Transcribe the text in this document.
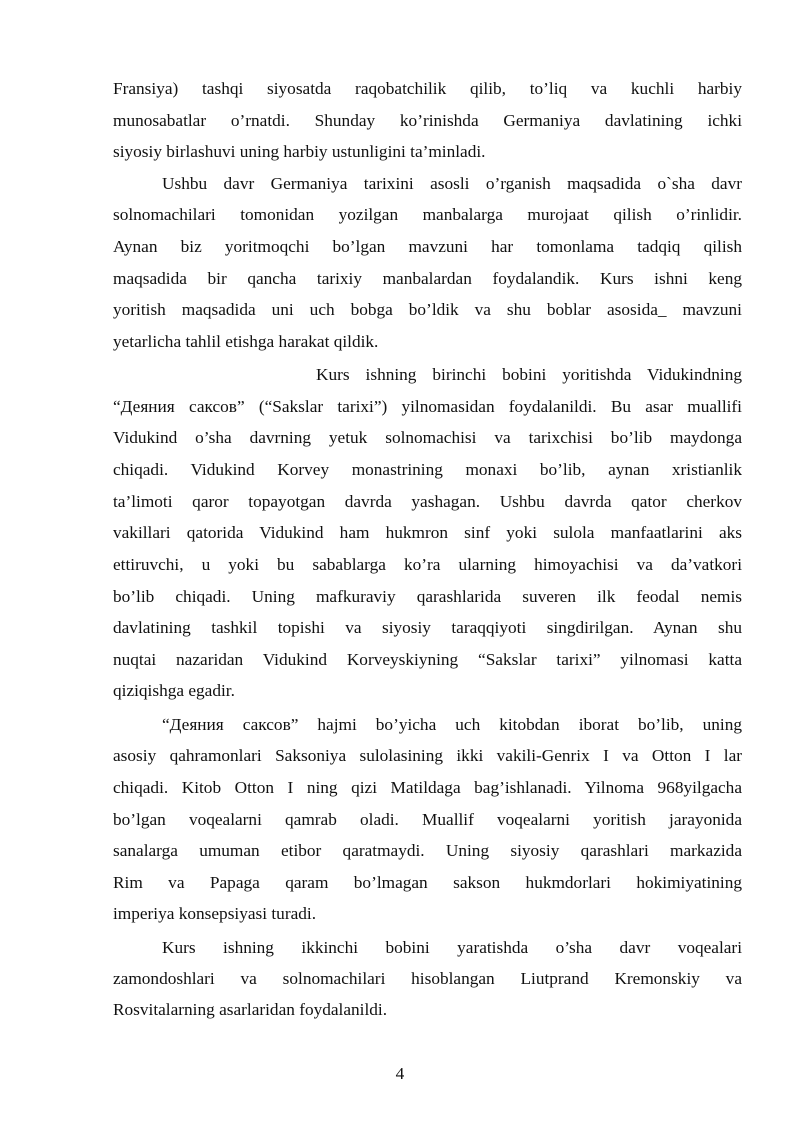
Fransiya) tashqi siyosatda raqobatchilik qilib, to’liq va kuchli harbiy
munosabatlar o’rnatdi. Shunday ko’rinishda Germaniya davlatining ichki
siyosiy birlashuvi uning harbiy ustunligini ta’minladi.
Ushbu davr Germaniya tarixini asosli o’rganish maqsadida o`sha davr
solnomachilari tomonidan yozilgan manbalarga murojaat qilish o’rinlidir.
Aynan biz yoritmoqchi bo’lgan mavzuni har tomonlama tadqiq qilish
maqsadida bir qancha tarixiy manbalardan foydalandik. Kurs ishni keng
yoritish maqsadida uni uch bobga bo’ldik va shu boblar asosida_ mavzuni
yetarlicha tahlil etishga harakat qildik.
Kurs ishning birinchi bobini yoritishda Vidukindning
“Деяния саксов” (“Sakslar tarixi”) yilnomasidan foydalanildi. Bu asar muallifi
Vidukind o’sha davrning yetuk solnomachisi va tarixchisi bo’lib maydonga
chiqadi. Vidukind Korvey monastrining monaxi bo’lib, aynan xristianlik
ta’limoti qaror topayotgan davrda yashagan. Ushbu davrda qator cherkov
vakillari qatorida Vidukind ham hukmron sinf yoki sulola manfaatlarini aks
ettiruvchi, u yoki bu sabablarga ko’ra ularning himoyachisi va da’vatkori
bo’lib chiqadi. Uning mafkuraviy qarashlarida suveren ilk feodal nemis
davlatining tashkil topishi va siyosiy taraqqiyoti singdirilgan. Aynan shu
nuqtai nazaridan Vidukind Korveyskiyning “Sakslar tarixi” yilnomasi katta
qiziqishga egadir.
“Деяния саксов” hajmi bo’yicha uch kitobdan iborat bo’lib, uning
asosiy qahramonlari Saksoniya sulolasining ikki vakili-Genrix I va Otton I lar
chiqadi. Kitob Otton I ning qizi Matildaga bag’ishlanadi. Yilnoma 968yilgacha
bo’lgan voqealarni qamrab oladi. Muallif voqealarni yoritish jarayonida
sanalarga umuman etibor qaratmaydi. Uning siyosiy qarashlari markazida
Rim va Papaga qaram bo’lmagan sakson hukmdorlari hokimiyatining
imperiya konsepsiyasi turadi.
Kurs ishning ikkinchi bobini yaratishda o’sha davr voqealari
zamondoshlari va solnomachilari hisoblangan Liutprand Kremonskiy va
Rosvitalarning asarlaridan foydalanildi.
4
